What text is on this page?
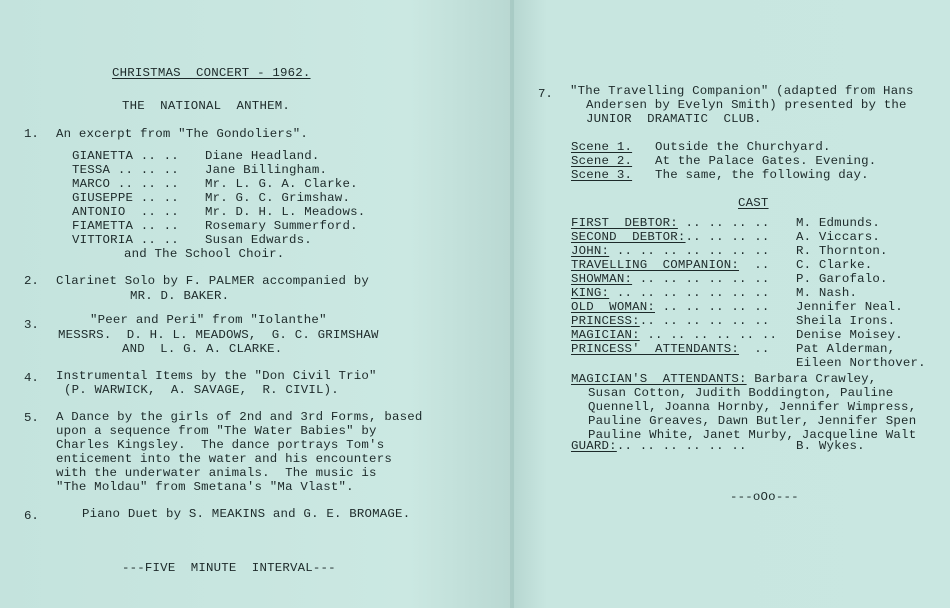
CHRISTMAS  CONCERT - 1962.
THE  NATIONAL  ANTHEM.
1. An excerpt from "The Gondoliers".
GIANETTA .. .. Diane Headland.
TESSA .. .. .. Jane Billingham.
MARCO .. .. .. Mr. L. G. A. Clarke.
GIUSEPPE .. .. Mr. G. C. Grimshaw.
ANTONIO  .. .. Mr. D. H. L. Meadows.
FIAMETTA .. .. Rosemary Summerford.
VITTORIA .. .. Susan Edwards.
and The School Choir.
2. Clarinet Solo by F. PALMER accompanied by
MR. D. BAKER.
3.	"Peer and Peri" from "Iolanthe"
MESSRS.  D. H. L. MEADOWS,  G. C. GRIMSHAW
AND  L. G. A. CLARKE.
4. Instrumental Items by the "Don Civil Trio"
(P. WARWICK,  A. SAVAGE,  R. CIVIL).
5. A Dance by the girls of 2nd and 3rd Forms, based
upon a sequence from "The Water Babies" by
Charles Kingsley.  The dance portrays Tom's
enticement into the water and his encounters
with the underwater animals.  The music is
"The Moldau" from Smetana's "Ma Vlast".
6.	Piano Duet by S. MEAKINS and G. E. BROMAGE.
---FIVE  MINUTE  INTERVAL---
7. "The Travelling Companion" (adapted from Hans
Andersen by Evelyn Smith) presented by the
JUNIOR  DRAMATIC  CLUB.
Scene 1. Outside the Churchyard.
Scene 2. At the Palace Gates. Evening.
Scene 3. The same, the following day.
CAST
FIRST  DEBTOR: .. .. .. .. M. Edmunds.
SECOND  DEBTOR:.. .. .. .. A. Viccars.
JOHN: .. .. .. .. .. .. .. R. Thornton.
TRAVELLING  COMPANION:  .. C. Clarke.
SHOWMAN: .. .. .. .. .. .. P. Garofalo.
KING: .. .. .. .. .. .. .. M. Nash.
OLD  WOMAN: .. .. .. .. .. Jennifer Neal.
PRINCESS:.. .. .. .. .. .. Sheila Irons.
MAGICIAN: .. .. .. .. .. .. Denise Moisey.
PRINCESS'  ATTENDANTS:  .. Pat Alderman,
Eileen Northover.
MAGICIAN'S  ATTENDANTS: Barbara Crawley,
Susan Cotton, Judith Boddington, Pauline
Quennell, Joanna Hornby, Jennifer Wimpress,
Pauline Greaves, Dawn Butler, Jennifer Spen
Pauline White, Janet Murby, Jacqueline Walt
GUARD:.. .. .. .. .. ..	B. Wykes.
---oOo---
